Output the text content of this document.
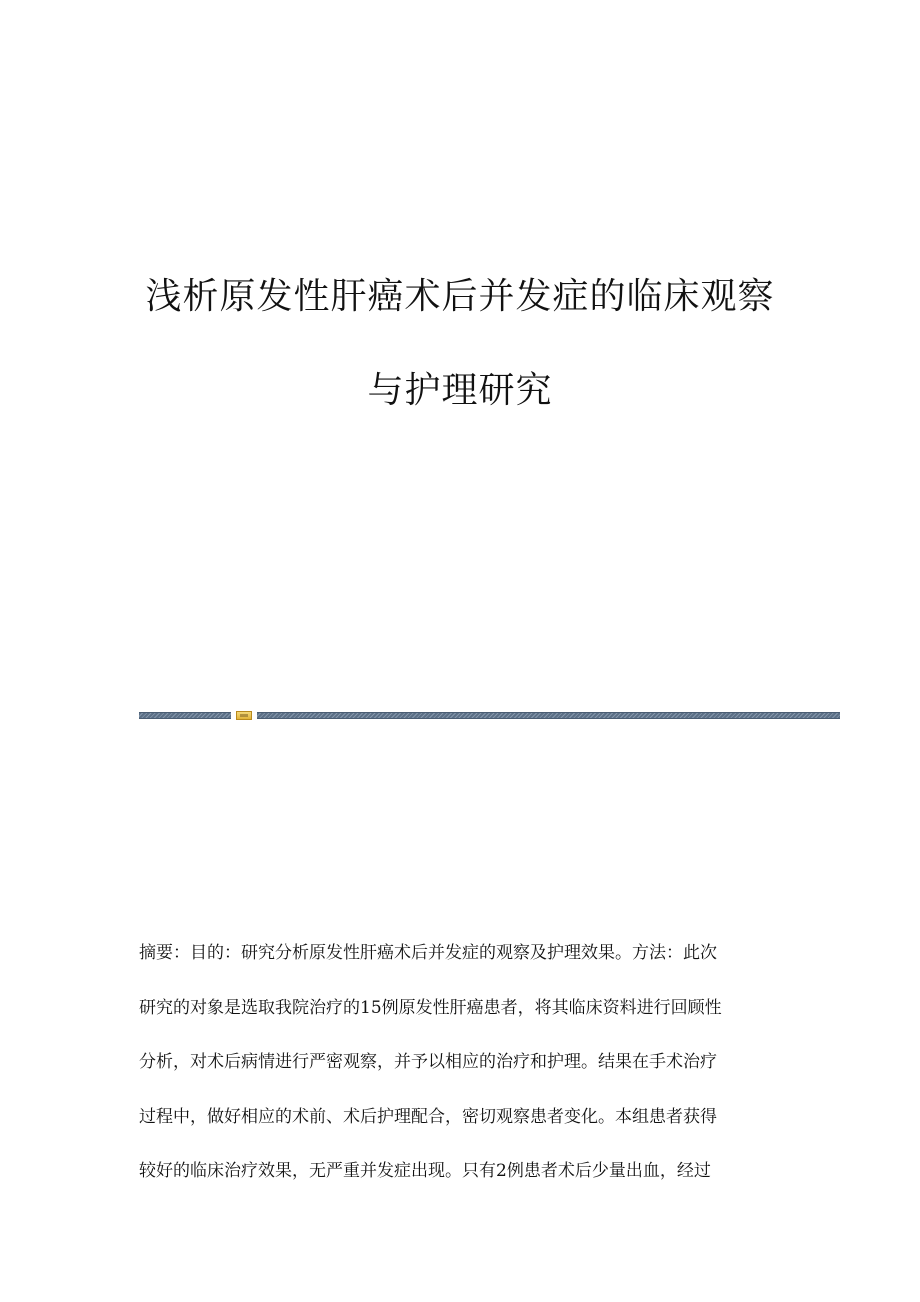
浅析原发性肝癌术后并发症的临床观察
与护理研究
摘要：目的：研究分析原发性肝癌术后并发症的观察及护理效果。方法：此次
研究的对象是选取我院治疗的15例原发性肝癌患者，将其临床资料进行回顾性
分析，对术后病情进行严密观察，并予以相应的治疗和护理。结果在手术治疗
过程中，做好相应的术前、术后护理配合，密切观察患者变化。本组患者获得
较好的临床治疗效果，无严重并发症出现。只有2例患者术后少量出血，经过
